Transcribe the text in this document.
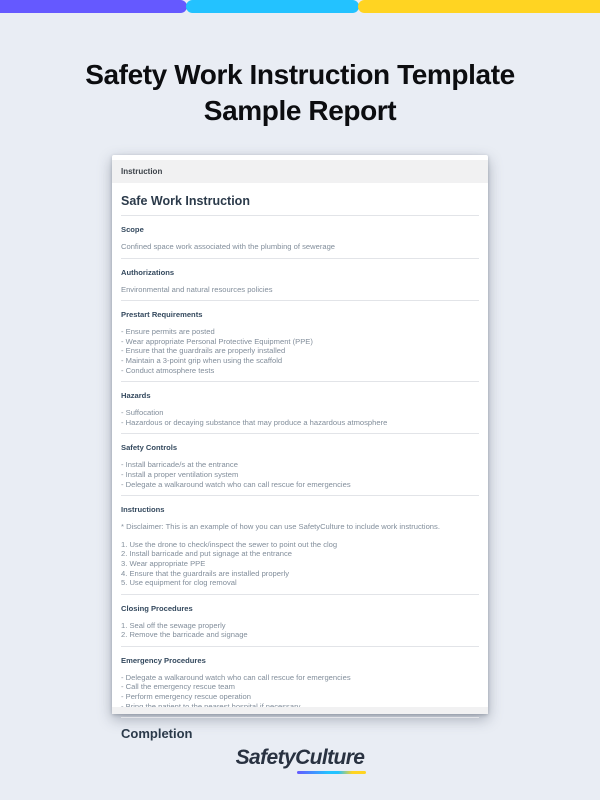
Safety Work Instruction Template
Sample Report
Instruction
Safe Work Instruction
Scope
Confined space work associated with the plumbing of sewerage
Authorizations
Environmental and natural resources policies
Prestart Requirements
- Ensure permits are posted
- Wear appropriate Personal Protective Equipment (PPE)
- Ensure that the guardrails are properly installed
- Maintain a 3-point grip when using the scaffold
- Conduct atmosphere tests
Hazards
- Suffocation
- Hazardous or decaying substance that may produce a hazardous atmosphere
Safety Controls
- Install barricade/s at the entrance
- Install a proper ventilation system
- Delegate a walkaround watch who can call rescue for emergencies
Instructions
* Disclaimer: This is an example of how you can use SafetyCulture to include work instructions.
1. Use the drone to check/inspect the sewer to point out the clog
2. Install barricade and put signage at the entrance
3. Wear appropriate PPE
4. Ensure that the guardrails are installed properly
5. Use equipment for clog removal
Closing Procedures
1. Seal off the sewage properly
2. Remove the barricade and signage
Emergency Procedures
- Delegate a walkaround watch who can call rescue for emergencies
- Call the emergency rescue team
- Perform emergency rescue operation
Completion
SafetyCulture
